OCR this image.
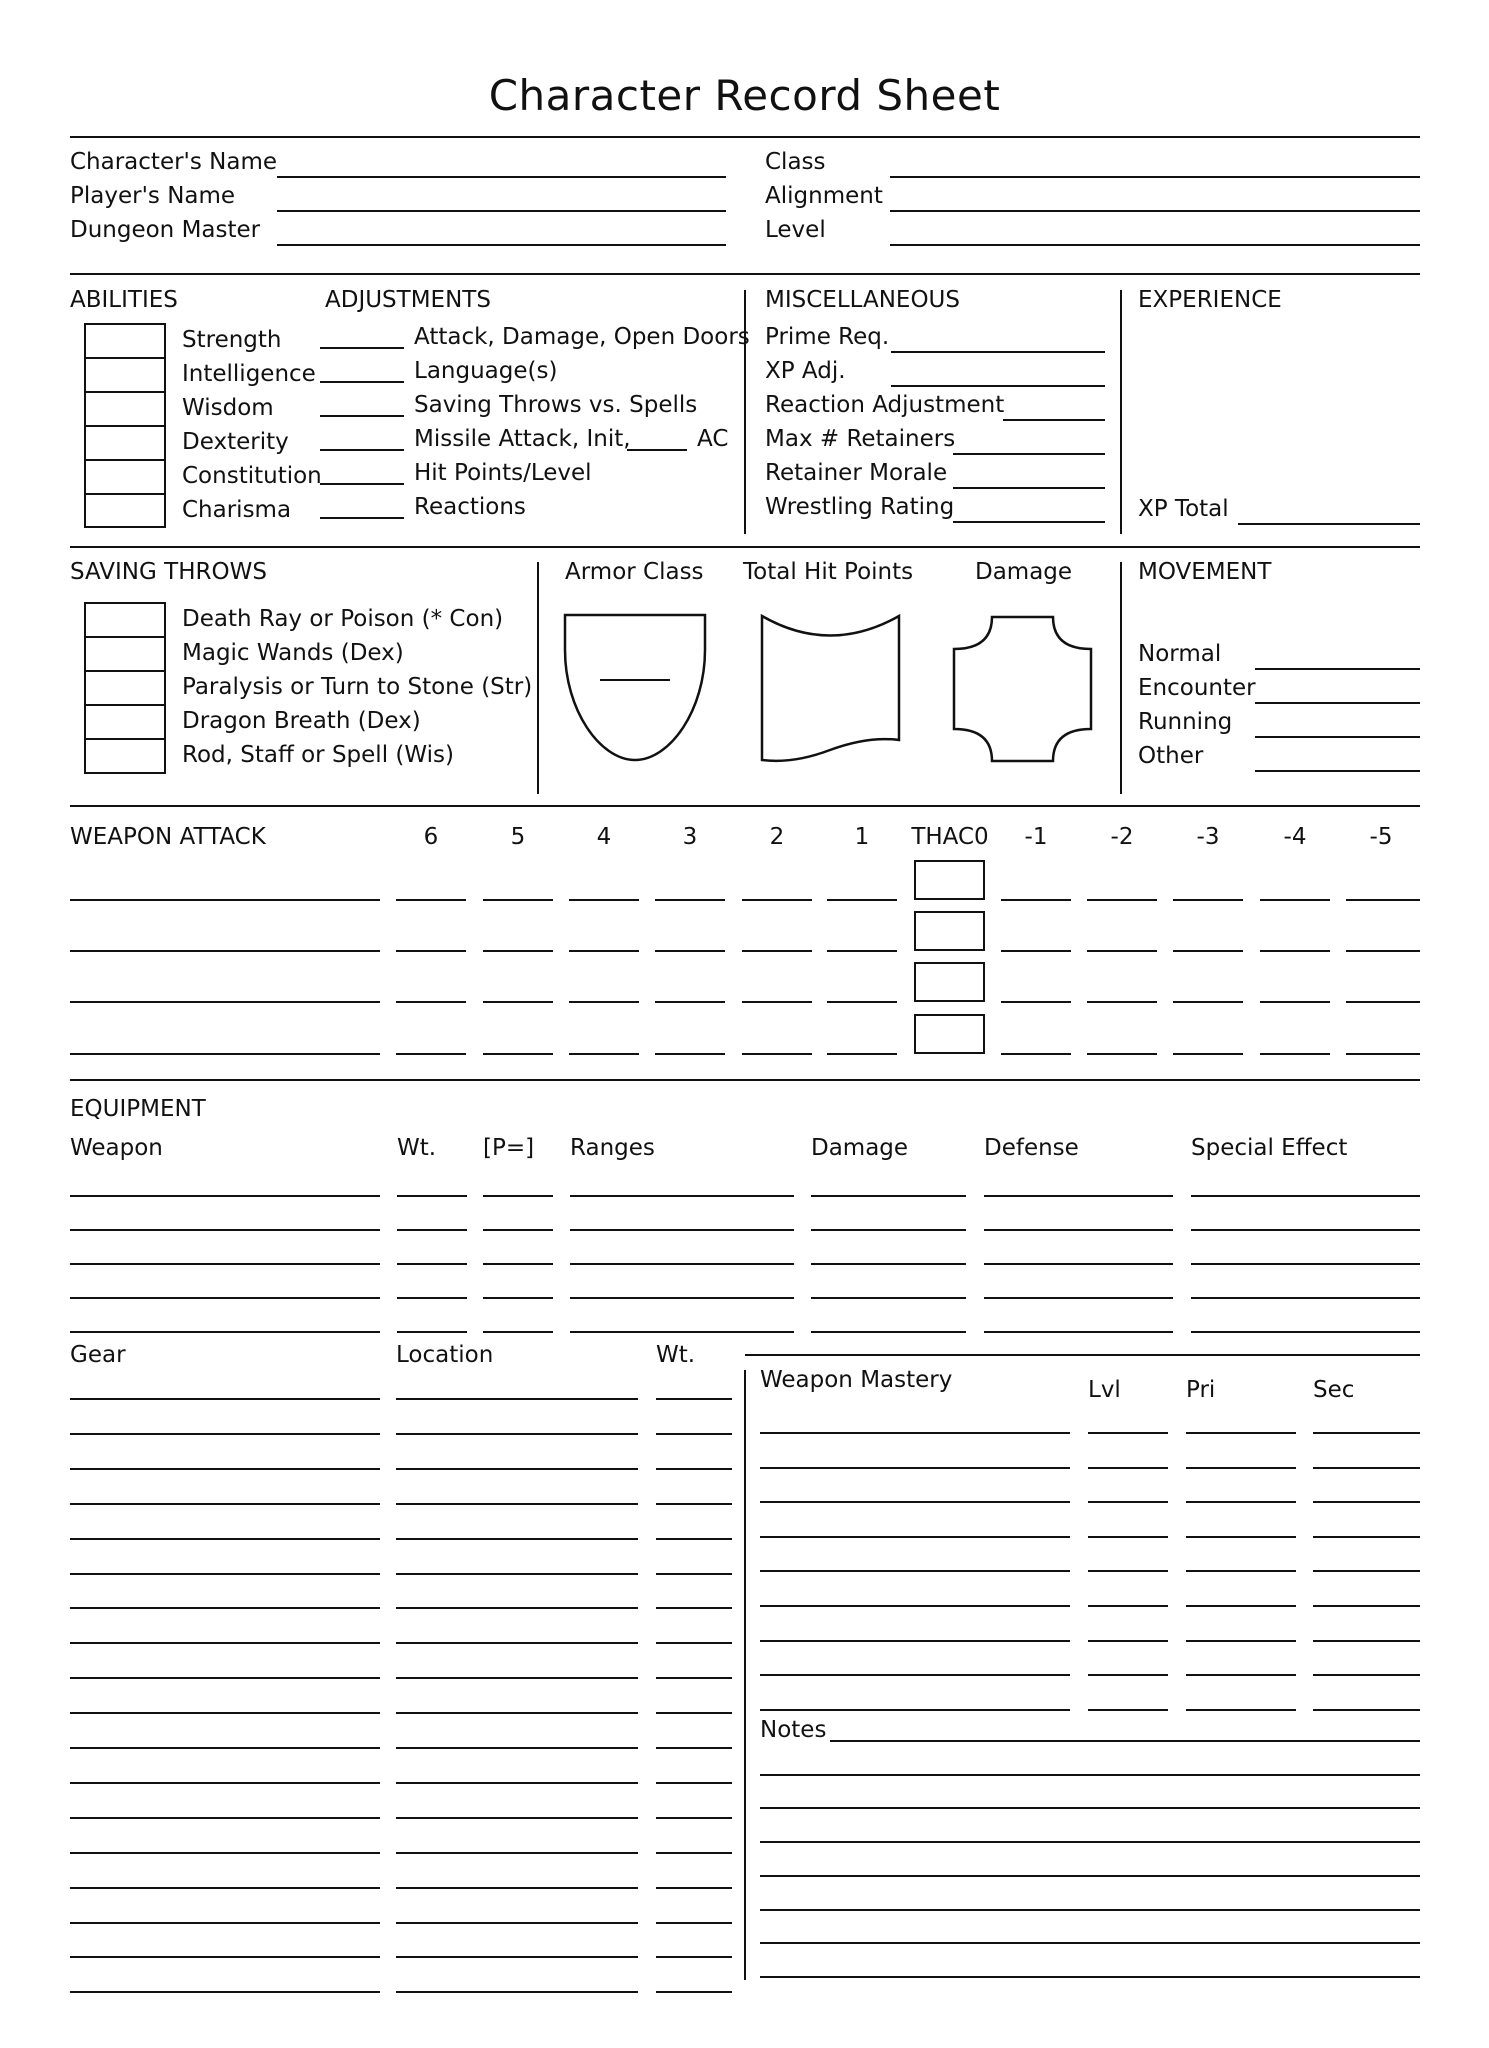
Character Record Sheet
Character's Name
Player's Name
Dungeon Master
Class
Alignment
Level
ABILITIES	ADJUSTMENTS
Strength
Intelligence
Wisdom
Dexterity
Constitution
Charisma
Attack, Damage, Open Doors
Language(s)
Saving Throws vs. Spells
Missile Attack, Init,	AC
Hit Points/Level
Reactions
MISCELLANEOUS
Prime Req.
XP Adj.
Reaction Adjustment
Max # Retainers
Retainer Morale
Wrestling Rating
EXPERIENCE
XP Total
SAVING THROWS
Death Ray or Poison (* Con)
Magic Wands (Dex)
Paralysis or Turn to Stone (Str)
Dragon Breath (Dex)
Rod, Staff or Spell (Wis)
Armor Class Total Hit Points	Damage	MOVEMENT
Normal
Encounter
Running
Other
WEAPON ATTACK	6	5	4	3	2	1	THAC0	-1	-2	-3	-4	-5
EQUIPMENT
Weapon	Wt. [P=] Ranges	Damage	Defense	Special Effect
Gear	Location	Wt.
Weapon Mastery	Lvl	Pri	Sec
Notes
